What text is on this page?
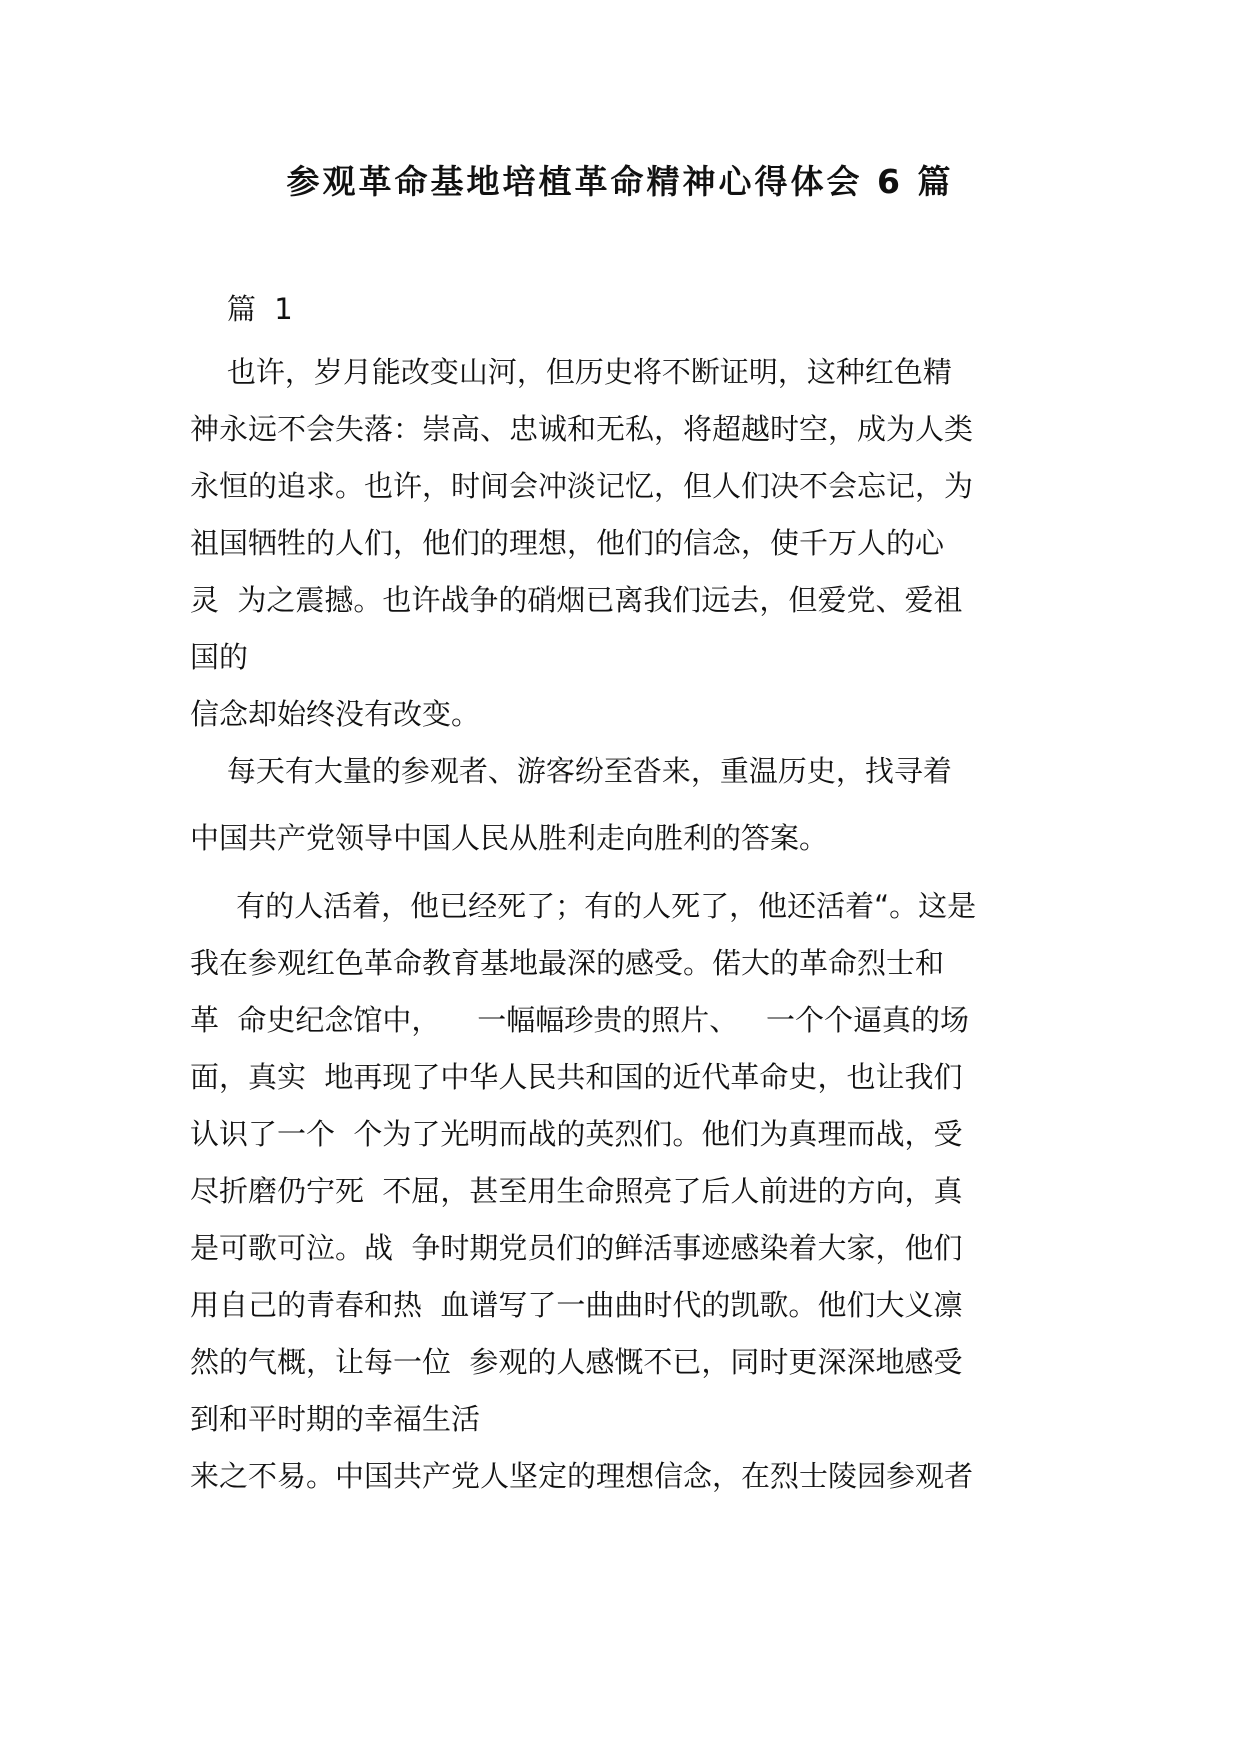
参观革命基地培植革命精神心得体会 6 篇
篇  1
也许，岁月能改变山河，但历史将不断证明，这种红色精
神永远不会失落：崇高、忠诚和无私，将超越时空，成为人类
永恒的追求。也许，时间会冲淡记忆，但人们决不会忘记，为
祖国牺牲的人们，他们的理想，他们的信念，使千万人的心
灵  为之震撼。也许战争的硝烟已离我们远去，但爱党、爱祖
国的
信念却始终没有改变。
每天有大量的参观者、游客纷至沓来，重温历史，找寻着
中国共产党领导中国人民从胜利走向胜利的答案。
有的人活着，他已经死了；有的人死了，他还活着“。这是
我在参观红色革命教育基地最深的感受。偌大的革命烈士和
革  命史纪念馆中，    一幅幅珍贵的照片、   一个个逼真的场
面，真实  地再现了中华人民共和国的近代革命史，也让我们
认识了一个  个为了光明而战的英烈们。他们为真理而战，受
尽折磨仍宁死  不屈，甚至用生命照亮了后人前进的方向，真
是可歌可泣。战  争时期党员们的鲜活事迹感染着大家，他们
用自己的青春和热  血谱写了一曲曲时代的凯歌。他们大义凛
然的气概，让每一位  参观的人感慨不已，同时更深深地感受
到和平时期的幸福生活
来之不易。中国共产党人坚定的理想信念，在烈士陵园参观者
